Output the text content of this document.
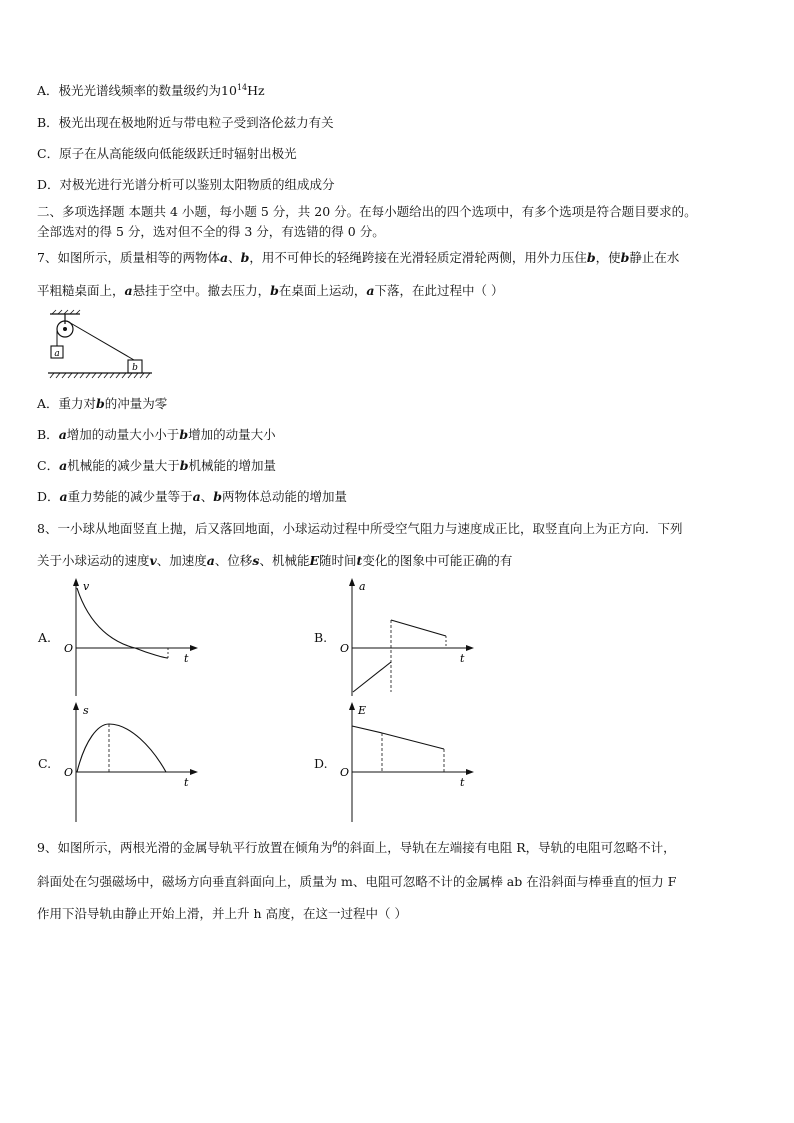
A．极光光谱线频率的数量级约为$10^{14}Hz$
B．极光出现在极地附近与带电粒子受到洛伦兹力有关
C．原子在从高能级向低能级跃迁时辐射出极光
D．对极光进行光谱分析可以鉴别太阳物质的组成成分
二、多项选择题 本题共 4 小题，每小题 5 分，共 20 分。在每小题给出的四个选项中，有多个选项是符合题目要求的。
全部选对的得 5 分，选对但不全的得 3 分，有选错的得 0 分。
7、如图所示，质量相等的两物体a、b，用不可伸长的轻绳跨接在光滑轻质定滑轮两侧，用外力压住b，使b静止在水
平粗糙桌面上，a悬挂于空中。撤去压力，b在桌面上运动，a下落，在此过程中（ ）
a
b
A．重力对b的冲量为零
B．a增加的动量大小小于b增加的动量大小
C．a机械能的减少量大于b机械能的增加量
D．a重力势能的减少量等于a、b两物体总动能的增加量
8、一小球从地面竖直上抛，后又落回地面，小球运动过程中所受空气阻力与速度成正比，取竖直向上为正方向．下列
关于小球运动的速度v、加速度a、位移s、机械能E随时间t变化的图象中可能正确的有
A.	B.
C.	D.
v
O
t
a
O
t
s
O
t
E
O
t
9、如图所示，两根光滑的金属导轨平行放置在倾角为$^\theta$的斜面上，导轨在左端接有电阻 R，导轨的电阻可忽略不计，
斜面处在匀强磁场中，磁场方向垂直斜面向上，质量为 m、电阻可忽略不计的金属棒 ab 在沿斜面与棒垂直的恒力 F
作用下沿导轨由静止开始上滑，并上升 h 高度，在这一过程中（ ）
